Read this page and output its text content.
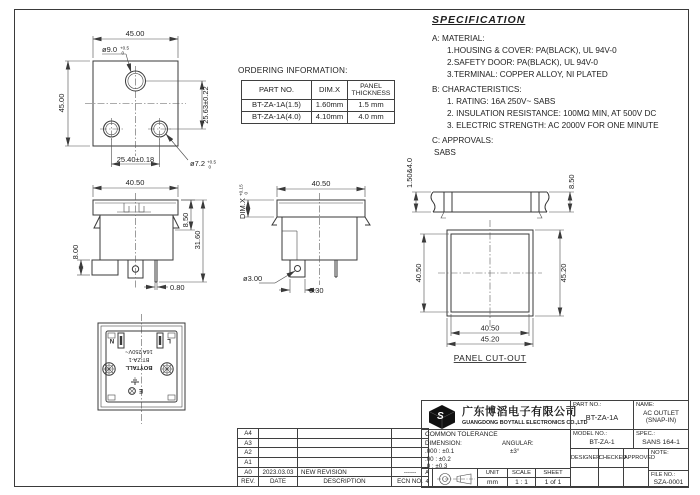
45.00
45.00
ø9.0 +0.5
0
25.63±0.22
25.40±0.18	ø7.2 +0.5
0
ORDERING INFORMATION:
PART NO.	DIM.X	PANEL
THICKNESS

BT-ZA-1A(1.5)	1.60mm	1.5 mm
BT-ZA-1A(4.0)	4.10mm	4.0 mm
SPECIFICATION
A: MATERIAL:
1.HOUSING & COVER: PA(BLACK), UL 94V-0
2.SAFETY DOOR: PA(BLACK), UL 94V-0
3.TERMINAL: COPPER ALLOY, NI PLATED
B: CHARACTERISTICS:
1. RATING: 16A 250V~ SABS
2. INSULATION RESISTANCE: 100MΩ MIN, AT 500V DC
3. ELECTRIC STRENGTH: AC 2000V FOR ONE MINUTE
C: APPROVALS:
SABS
40.50
8.50
31.60
8.00
0.80
40.50
DIM.X
+0.15 0
ø3.00
6.30
1.50&4.0	8.50
40.50	45.20
40.50
45.20
PANEL CUT-OUT
N	L
16A 250V~
BT-ZA-1
BOYTALL
E
A4			
A3			
A2			
A1			
A0	2023.03.03	NEW REVISION	------
REV.	DATE	DESCRIPTION	ECN NO.
S 广东博滔电子有限公司
GUANGDONG BOYTALL ELECTRONICS CO.,LTD
PART NO.:
BT-ZA-1A
NAME:
AC OUTLET
(SNAP-IN)
COMMON TOLERANCE
DIMENSION:	ANGULAR:
.000 : ±0.1	±3°
.00 : ±0.2
.0 : ±0.3
MODEL NO.:
BT-ZA-1
SPEC.:
SANS 164-1
DESIGNER
CHECKED
APPROVED
NOTE:
FILE NO.:
SZA-0001
A
4
UNIT
mm
SCALE
1 : 1
SHEET
1 of 1
